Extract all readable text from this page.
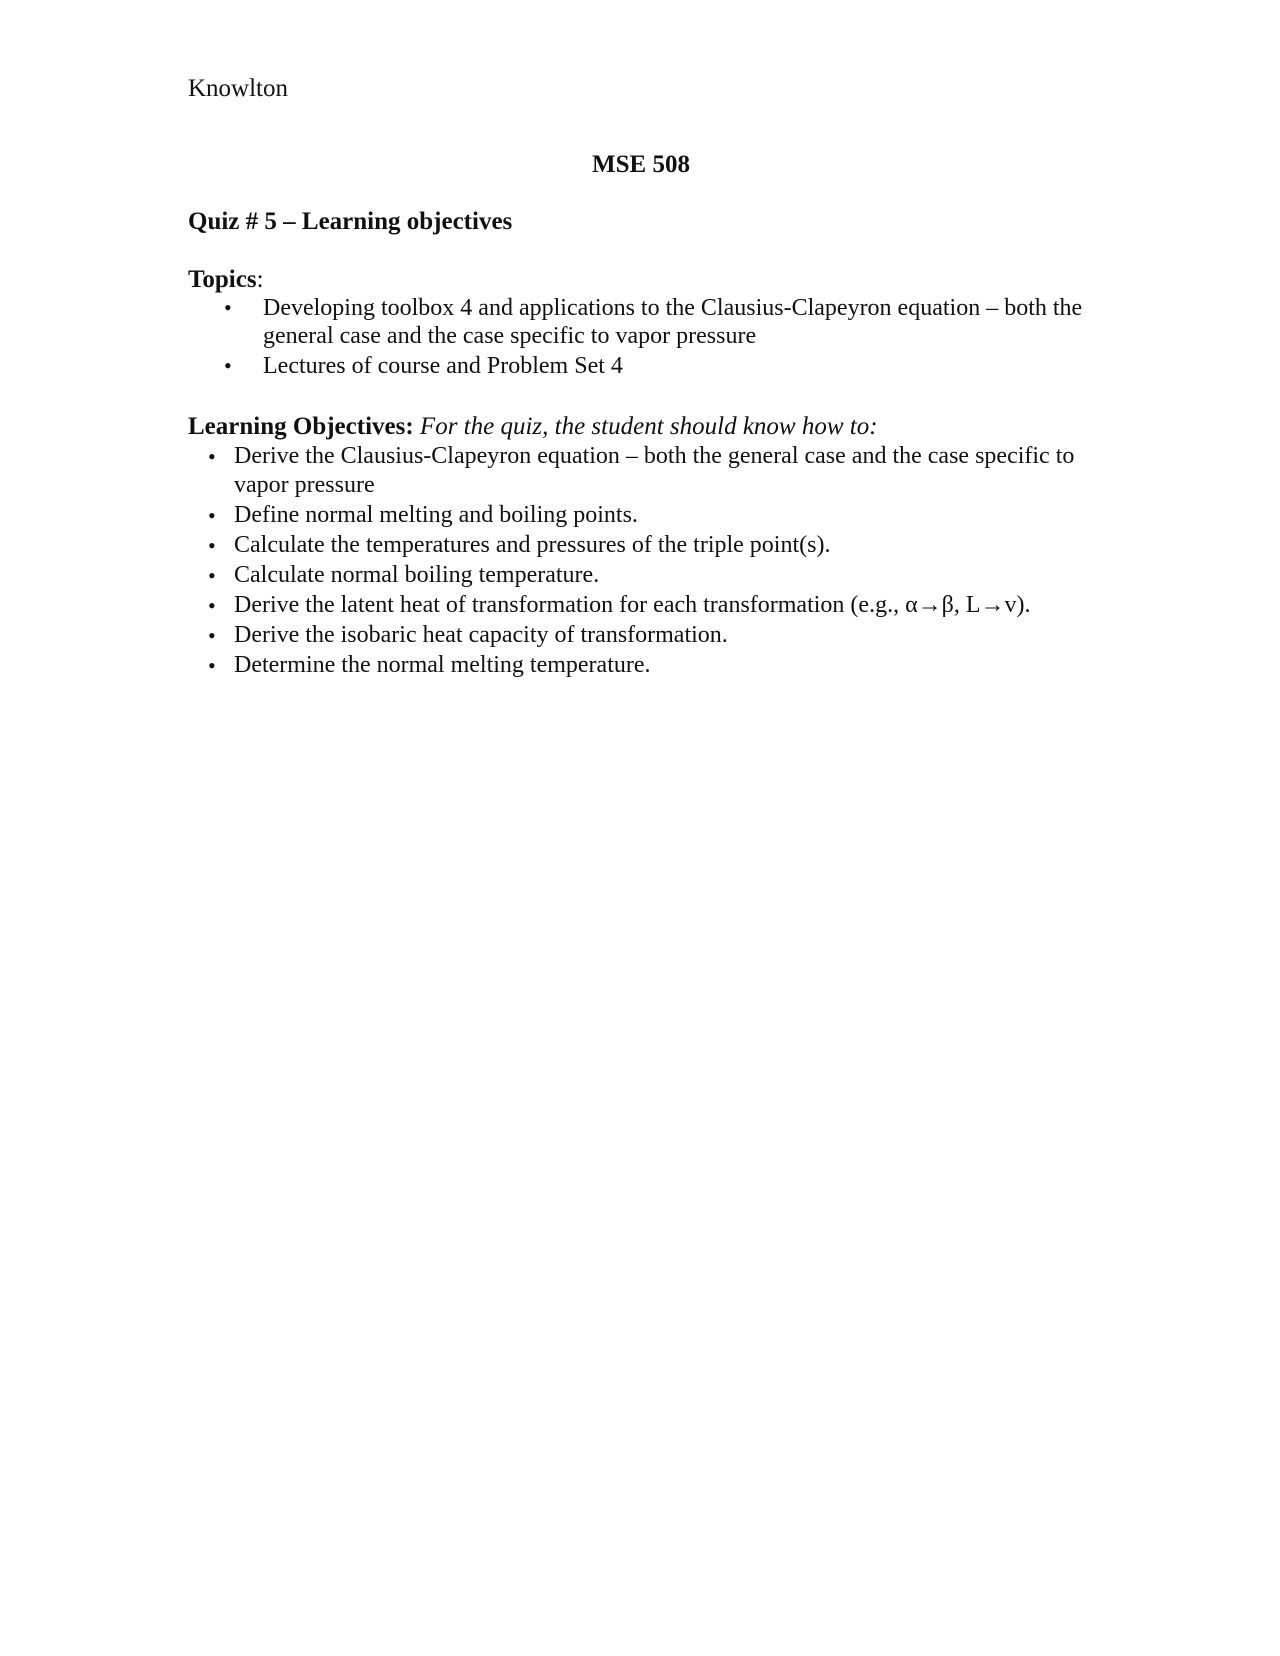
Knowlton
MSE 508
Quiz # 5 – Learning objectives
Topics:
• Developing toolbox 4 and applications to the Clausius-Clapeyron equation – both the general case and the case specific to vapor pressure
• Lectures of course and Problem Set 4
Learning Objectives: For the quiz, the student should know how to:
• Derive the Clausius-Clapeyron equation – both the general case and the case specific to vapor pressure
• Define normal melting and boiling points.
• Calculate the temperatures and pressures of the triple point(s).
• Calculate normal boiling temperature.
• Derive the latent heat of transformation for each transformation (e.g., α→β, L→v).
• Derive the isobaric heat capacity of transformation.
• Determine the normal melting temperature.
